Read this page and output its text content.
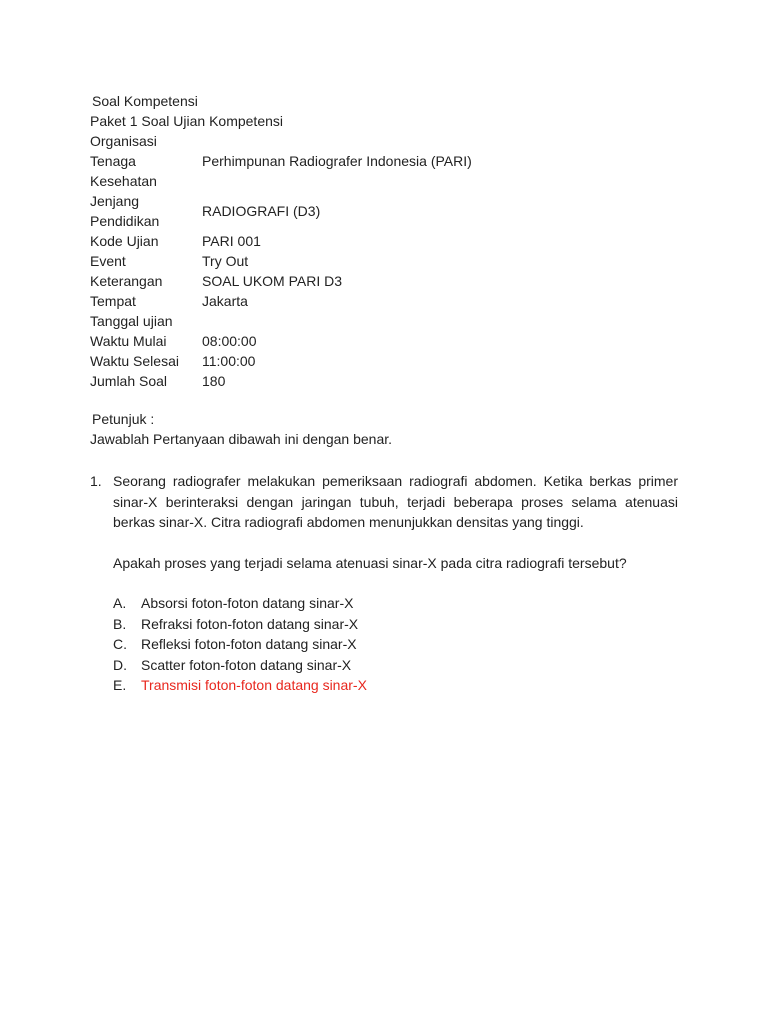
Soal Kompetensi
Paket 1 Soal Ujian Kompetensi
Organisasi	
Tenaga	Perhimpunan Radiografer Indonesia (PARI)
Kesehatan	
Jenjang	RADIOGRAFI (D3)
Pendidikan	
Kode Ujian	PARI 001
Event	Try Out
Keterangan	SOAL UKOM PARI D3
Tempat	Jakarta
Tanggal ujian	
Waktu Mulai	08:00:00
Waktu Selesai	11:00:00
Jumlah Soal	180
Petunjuk :
Jawablah Pertanyaan dibawah ini dengan benar.
1. Seorang radiografer melakukan pemeriksaan radiografi abdomen. Ketika berkas primer sinar-X berinteraksi dengan jaringan tubuh, terjadi beberapa proses selama atenuasi berkas sinar-X. Citra radiografi abdomen menunjukkan densitas yang tinggi.

Apakah proses yang terjadi selama atenuasi sinar-X pada citra radiografi tersebut?
A. Absorsi foton-foton datang sinar-X
B. Refraksi foton-foton datang sinar-X
C. Refleksi foton-foton datang sinar-X
D. Scatter foton-foton datang sinar-X
E. Transmisi foton-foton datang sinar-X
